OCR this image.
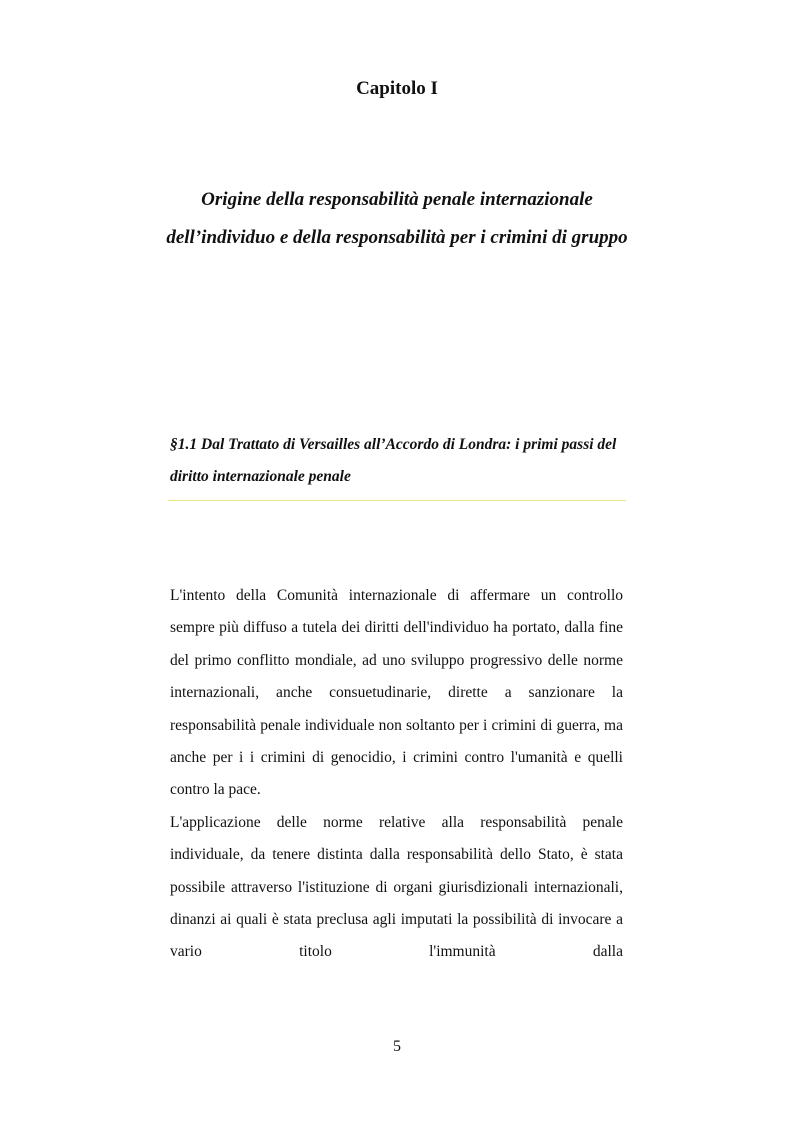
Capitolo I
Origine della responsabilità penale internazionale dell’individuo e della responsabilità per i crimini di gruppo
§1.1 Dal Trattato di Versailles all’Accordo di Londra: i primi passi del diritto internazionale penale

L'intento della Comunità internazionale di affermare un controllo sempre più diffuso a tutela dei diritti dell'individuo ha portato, dalla fine del primo conflitto mondiale, ad uno sviluppo progressivo delle norme internazionali, anche consuetudinarie, dirette a sanzionare la responsabilità penale individuale non soltanto per i crimini di guerra, ma anche per i i crimini di genocidio, i crimini contro l'umanità e quelli contro la pace.

L'applicazione delle norme relative alla responsabilità penale individuale, da tenere distinta dalla responsabilità dello Stato, è stata possibile attraverso l'istituzione di organi giurisdizionali internazionali, dinanzi ai quali è stata preclusa agli imputati la possibilità di invocare a vario titolo l'immunità dalla

5
